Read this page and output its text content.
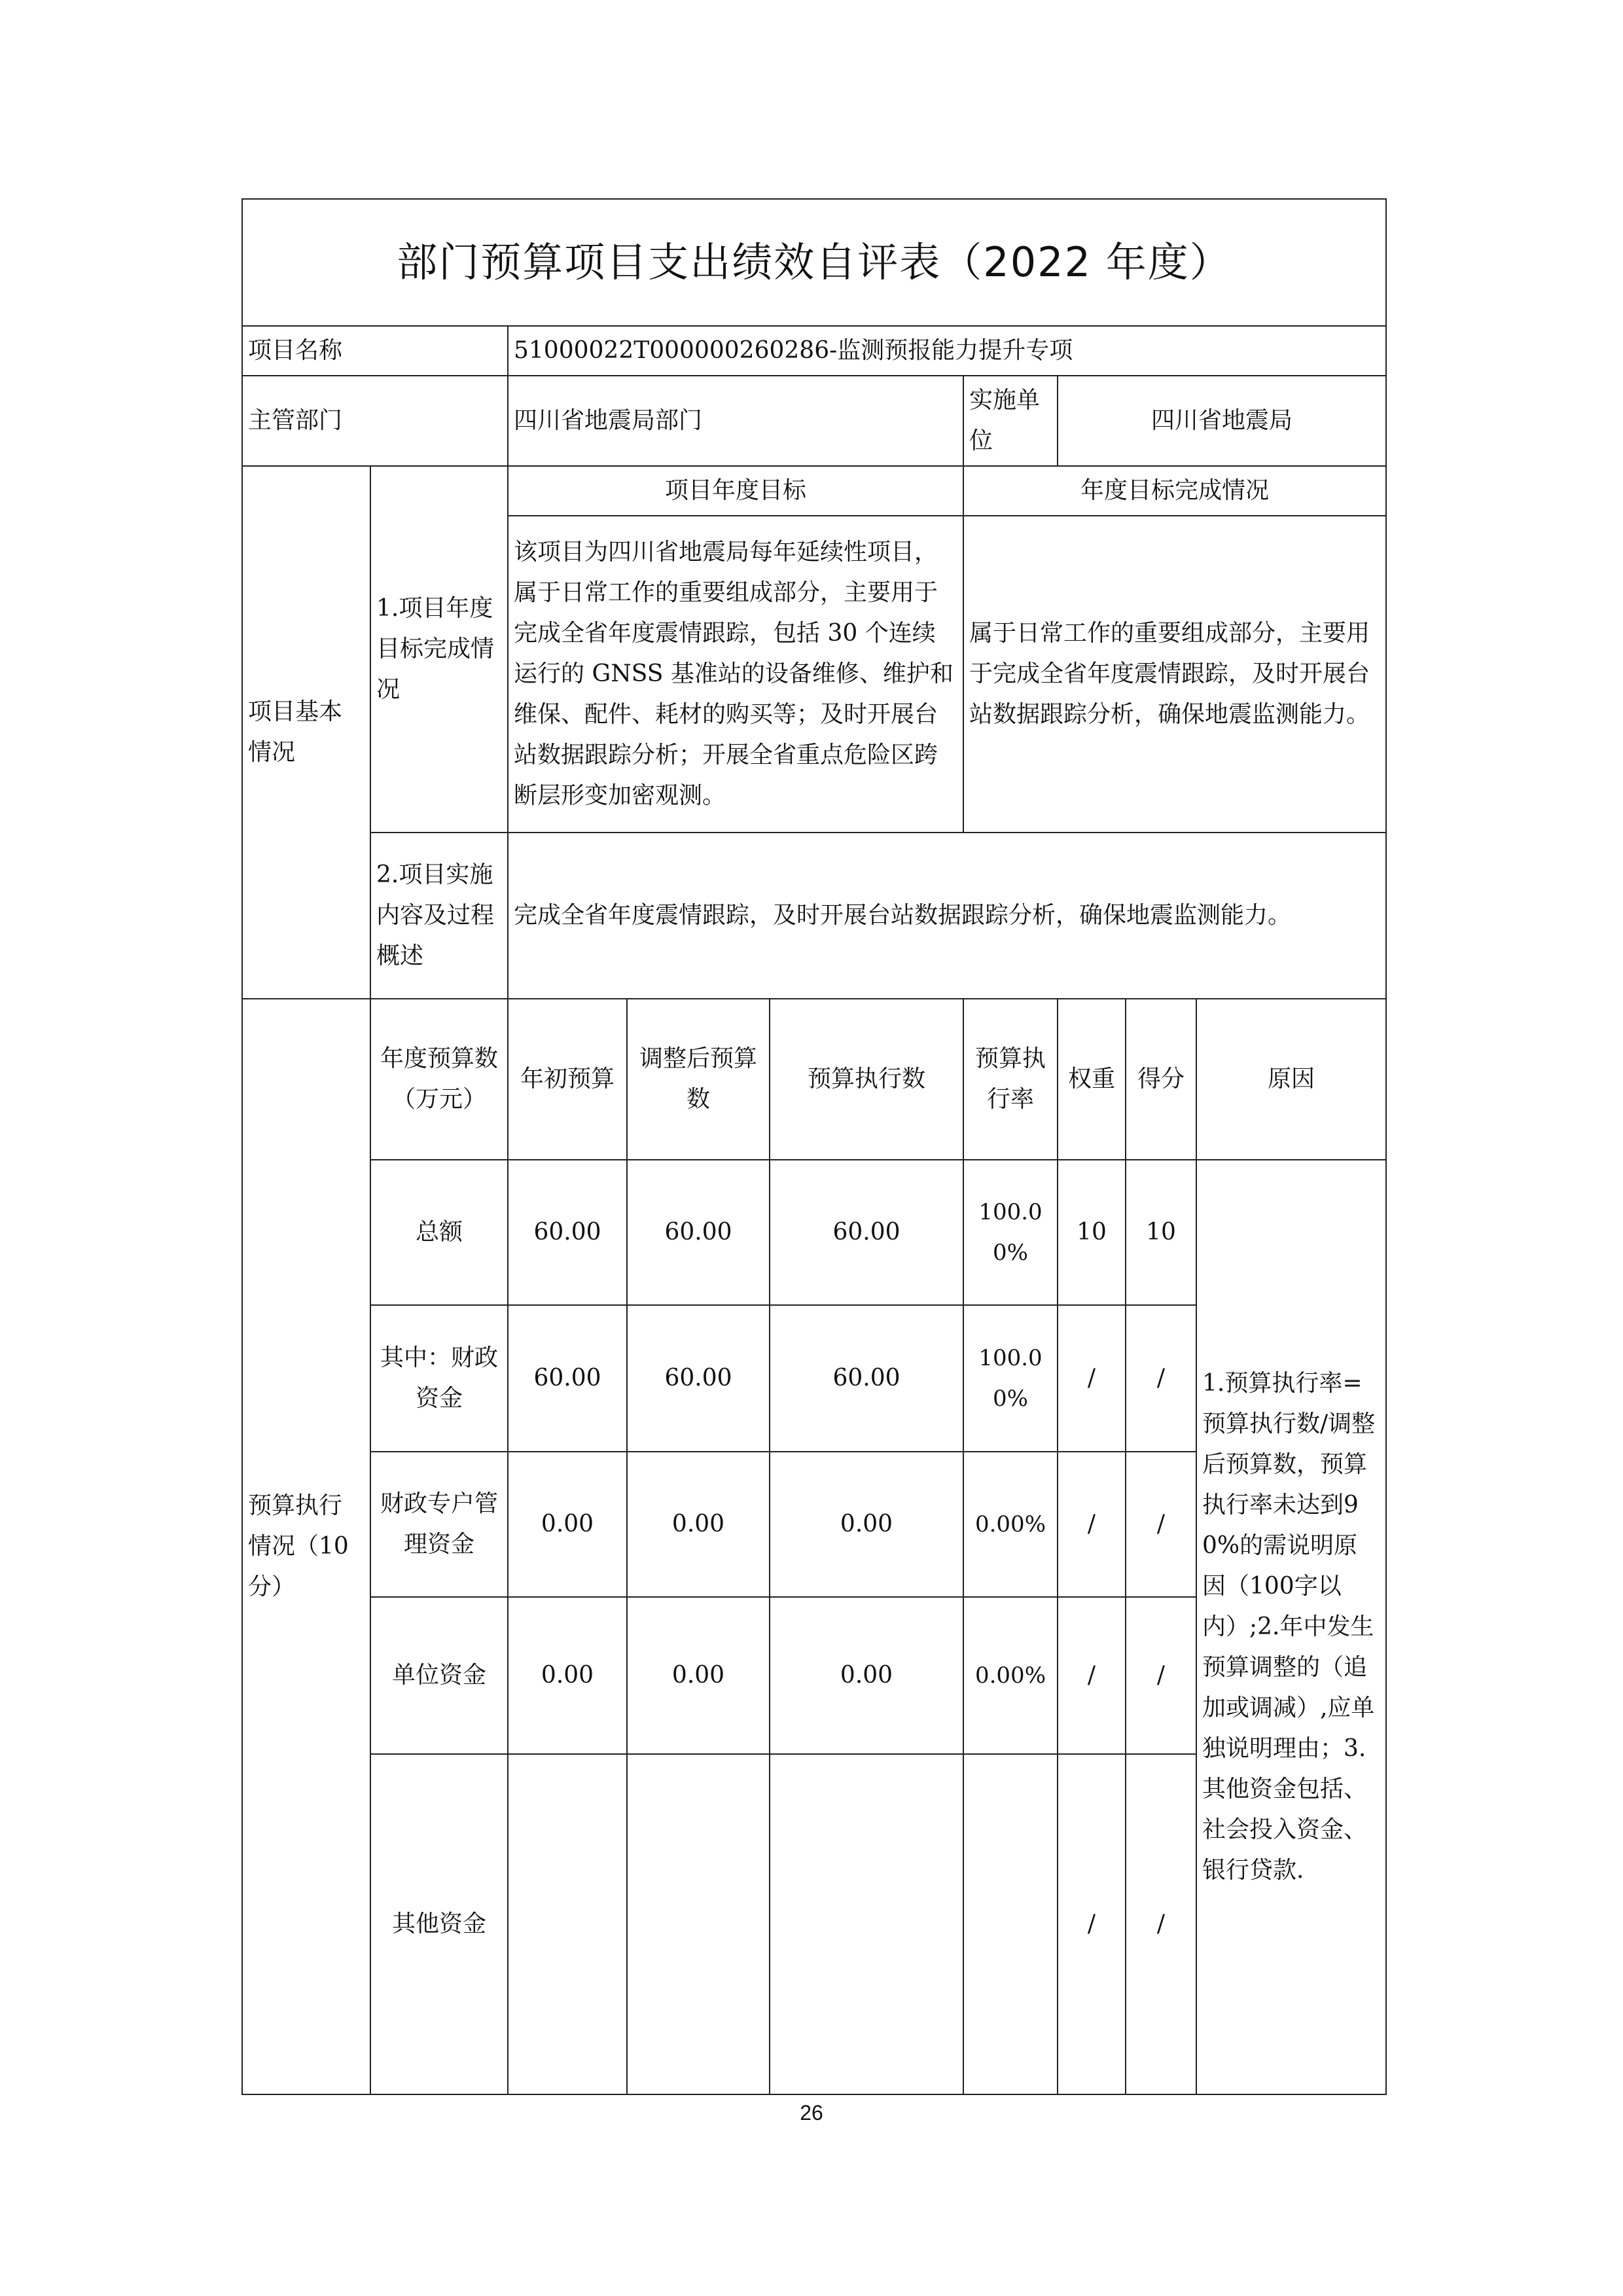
部门预算项目支出绩效自评表（2022 年度）								
项目名称		51000022T000000260286-监测预报能力提升专项						
主管部门		四川省地震局部门			实施单位	四川省地震局		
项目基本情况	1.项目年度目标完成情况	项目年度目标			年度目标完成情况			
		该项目为四川省地震局每年延续性项目，属于日常工作的重要组成部分，主要用于完成全省年度震情跟踪，包括 30 个连续运行的 GNSS 基准站的设备维修、维护和维保、配件、耗材的购买等；及时开展台站数据跟踪分析；开展全省重点危险区跨断层形变加密观测。			属于日常工作的重要组成部分，主要用于完成全省年度震情跟踪，及时开展台站数据跟踪分析，确保地震监测能力。			
	2.项目实施内容及过程概述	完成全省年度震情跟踪，及时开展台站数据跟踪分析，确保地震监测能力。						

预算执行情况（10 分）	年度预算数（万元）	年初预算	调整后预算数	预算执行数	预算执行率	权重	得分	原因
	总额	60.00	60.00	60.00	100.00%	10	10	1.预算执行率=预算执行数/调整后预算数，预算执行率未达到90%的需说明原因（100字以内）;2.年中发生预算调整的（追加或调减）,应单独说明理由；3.其他资金包括、社会投入资金、银行贷款.
	其中：财政资金	60.00	60.00	60.00	100.00%	/	/	
	财政专户管理资金	0.00	0.00	0.00	0.00%	/	/	
	单位资金	0.00	0.00	0.00	0.00%	/	/	
	其他资金					/	/	
26
